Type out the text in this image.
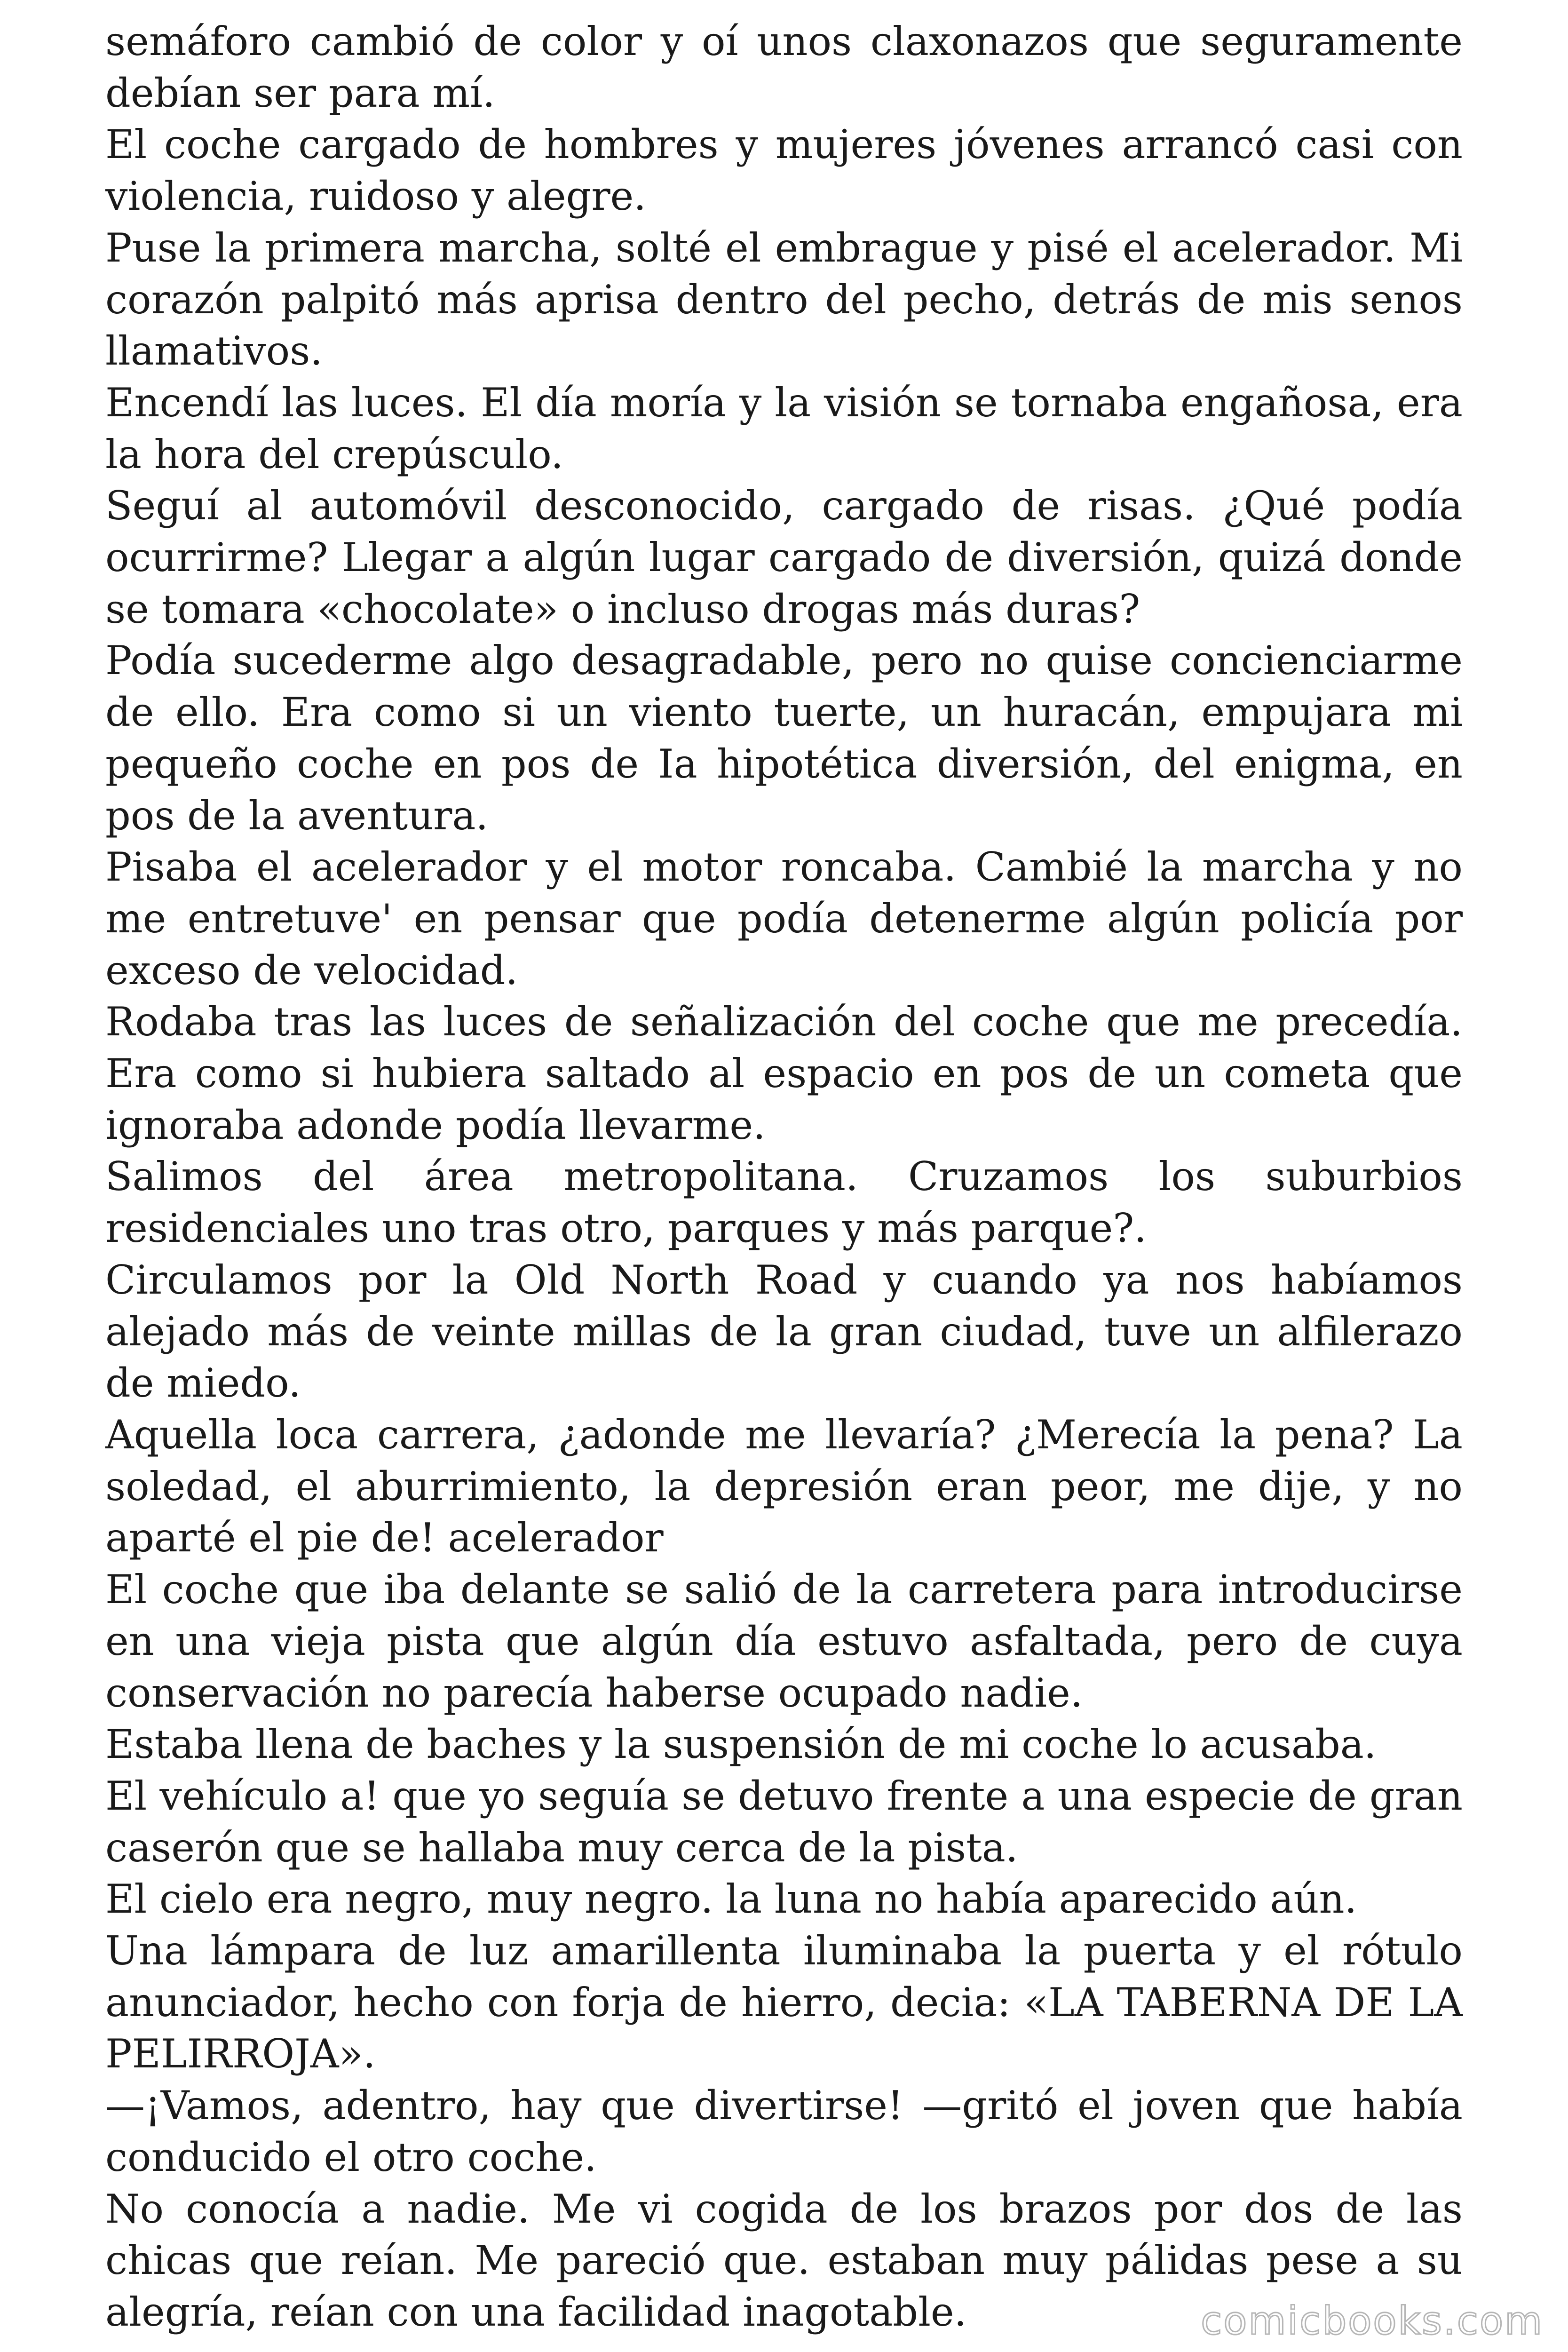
semáforo cambió de color y oí unos claxonazos que seguramente debían ser para mí.

El coche cargado de hombres y mujeres jóvenes arrancó casi con violencia, ruidoso y alegre.

Puse la primera marcha, solté el embrague y pisé el acelerador. Mi corazón palpitó más aprisa dentro del pecho, detrás de mis senos llamativos.

Encendí las luces. El día moría y la visión se tornaba engañosa, era la hora del crepúsculo.

Seguí al automóvil desconocido, cargado de risas. ¿Qué podía ocurrirme? Llegar a algún lugar cargado de diversión, quizá donde se tomara «chocolate» o incluso drogas más duras?

Podía sucederme algo desagradable, pero no quise concienciarme de ello. Era como si un viento tuerte, un huracán, empujara mi pequeño coche en pos de Ia hipotética diversión, del enigma, en pos de la aventura.

Pisaba el acelerador y el motor roncaba. Cambié la marcha y no me entretuve' en pensar que podía detenerme algún policía por exceso de velocidad.

Rodaba tras las luces de señalización del coche que me precedía. Era como si hubiera saltado al espacio en pos de un cometa que ignoraba adonde podía llevarme.

Salimos del área metropolitana. Cruzamos los suburbios residenciales uno tras otro, parques y más parque?.

Circulamos por la Old North Road y cuando ya nos habíamos alejado más de veinte millas de la gran ciudad, tuve un alfilerazo de miedo.

Aquella loca carrera, ¿adonde me llevaría? ¿Merecía la pena? La soledad, el aburrimiento, la depresión eran peor, me dije, y no aparté el pie de! acelerador

El coche que iba delante se salió de la carretera para introducirse en una vieja pista que algún día estuvo asfaltada, pero de cuya conservación no parecía haberse ocupado nadie.

Estaba llena de baches y la suspensión de mi coche lo acusaba.

El vehículo a! que yo seguía se detuvo frente a una especie de gran caserón que se hallaba muy cerca de la pista.

El cielo era negro, muy negro. la luna no había aparecido aún.

Una lámpara de luz amarillenta iluminaba la puerta y el rótulo anunciador, hecho con forja de hierro, decia: «LA TABERNA DE LA PELIRROJA».

—¡Vamos, adentro, hay que divertirse! —gritó el joven que había conducido el otro coche.

No conocía a nadie. Me vi cogida de los brazos por dos de las chicas que reían. Me pareció que. estaban muy pálidas pese a su alegría, reían con una facilidad inagotable.	comicbooks.com
